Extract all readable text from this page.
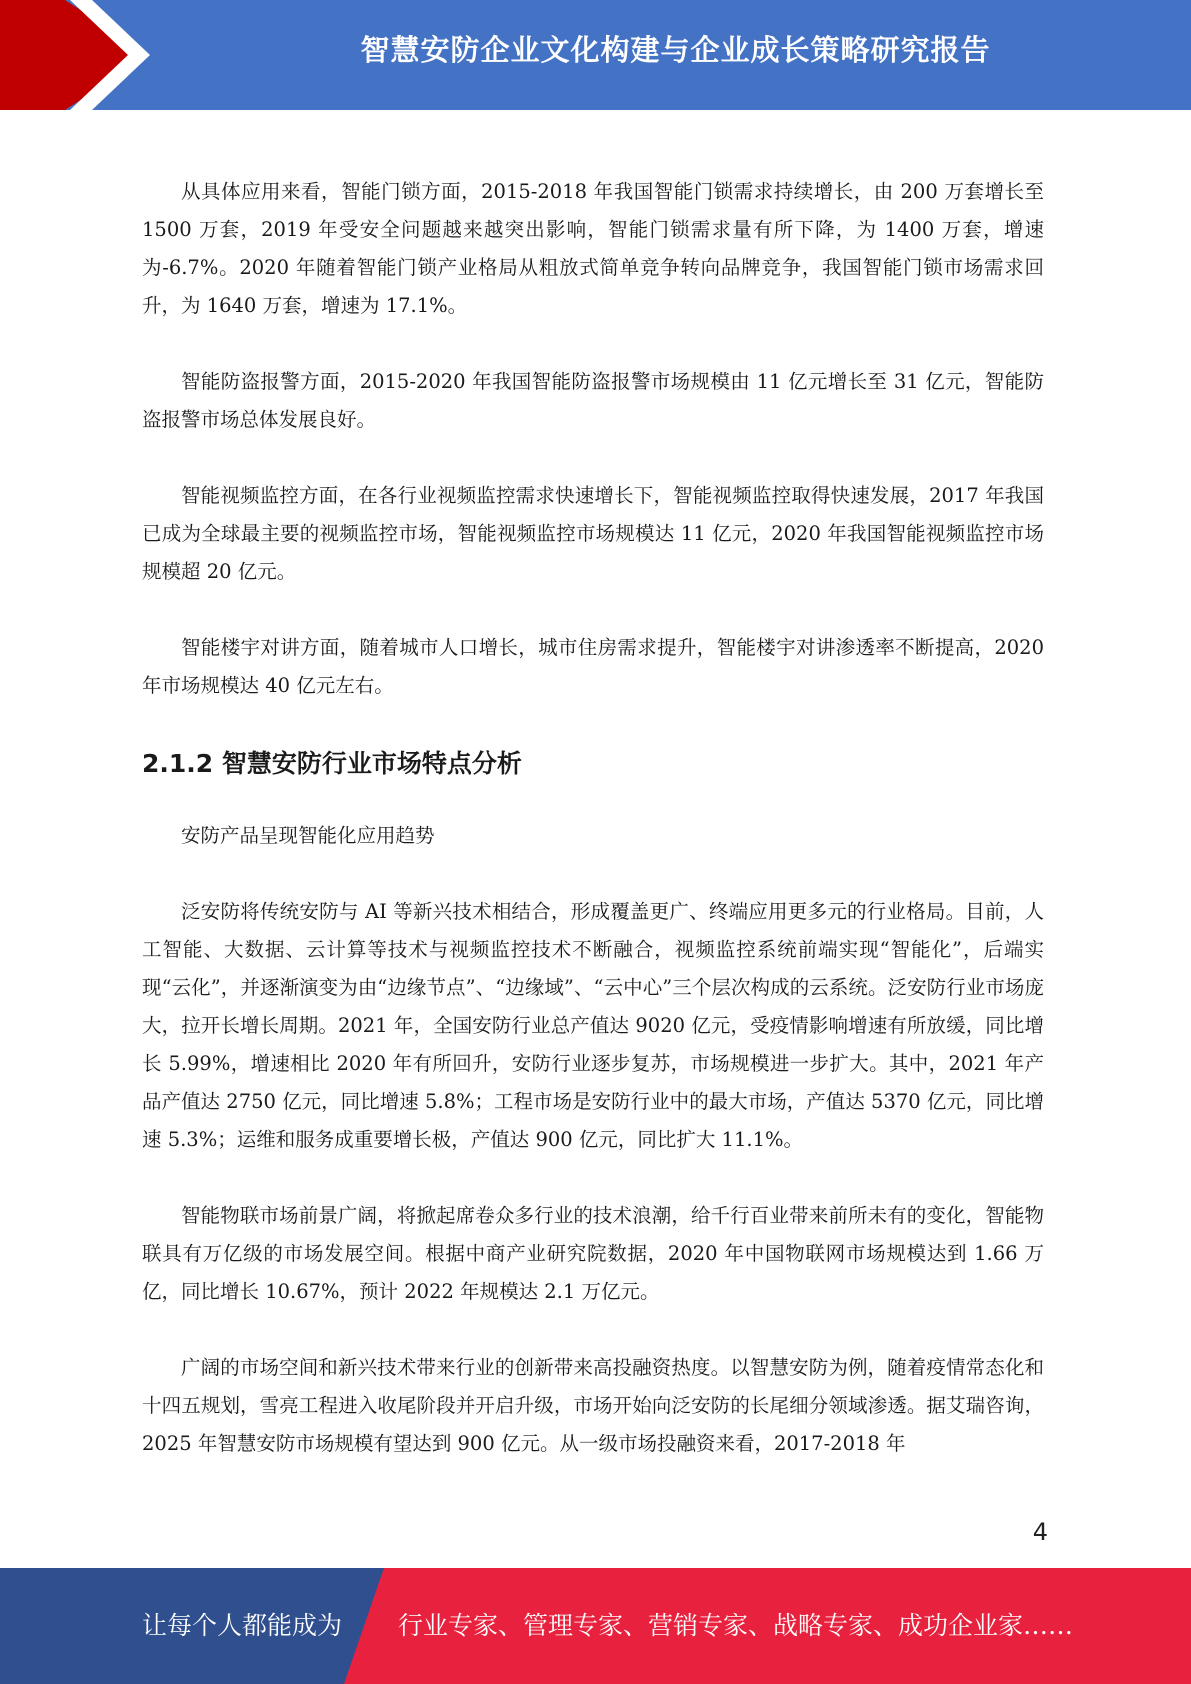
智慧安防企业文化构建与企业成长策略研究报告

从具体应用来看，智能门锁方面，2015-2018 年我国智能门锁需求持续增长，由 200 万套增长至 1500 万套，2019 年受安全问题越来越突出影响，智能门锁需求量有所下降，为 1400 万套，增速为-6.7%。2020 年随着智能门锁产业格局从粗放式简单竞争转向品牌竞争，我国智能门锁市场需求回升，为 1640 万套，增速为 17.1%。

智能防盗报警方面，2015-2020 年我国智能防盗报警市场规模由 11 亿元增长至 31 亿元，智能防盗报警市场总体发展良好。

智能视频监控方面，在各行业视频监控需求快速增长下，智能视频监控取得快速发展，2017 年我国已成为全球最主要的视频监控市场，智能视频监控市场规模达 11 亿元，2020 年我国智能视频监控市场规模超 20 亿元。

智能楼宇对讲方面，随着城市人口增长，城市住房需求提升，智能楼宇对讲渗透率不断提高，2020 年市场规模达 40 亿元左右。

2.1.2 智慧安防行业市场特点分析

安防产品呈现智能化应用趋势

泛安防将传统安防与 AI 等新兴技术相结合，形成覆盖更广、终端应用更多元的行业格局。目前，人工智能、大数据、云计算等技术与视频监控技术不断融合，视频监控系统前端实现“智能化”，后端实现“云化”，并逐渐演变为由“边缘节点”、“边缘域”、“云中心”三个层次构成的云系统。泛安防行业市场庞大，拉开长增长周期。2021 年，全国安防行业总产值达 9020 亿元，受疫情影响增速有所放缓，同比增长 5.99%，增速相比 2020 年有所回升，安防行业逐步复苏，市场规模进一步扩大。其中，2021 年产品产值达 2750 亿元，同比增速 5.8%；工程市场是安防行业中的最大市场，产值达 5370 亿元，同比增速 5.3%；运维和服务成重要增长极，产值达 900 亿元，同比扩大 11.1%。

智能物联市场前景广阔，将掀起席卷众多行业的技术浪潮，给千行百业带来前所未有的变化，智能物联具有万亿级的市场发展空间。根据中商产业研究院数据，2020 年中国物联网市场规模达到 1.66 万亿，同比增长 10.67%，预计 2022 年规模达 2.1 万亿元。

广阔的市场空间和新兴技术带来行业的创新带来高投融资热度。以智慧安防为例，随着疫情常态化和十四五规划，雪亮工程进入收尾阶段并开启升级，市场开始向泛安防的长尾细分领域渗透。据艾瑞咨询，2025 年智慧安防市场规模有望达到 900 亿元。从一级市场投融资来看，2017-2018 年

4
让每个人都能成为 行业专家、管理专家、营销专家、战略专家、成功企业家……
